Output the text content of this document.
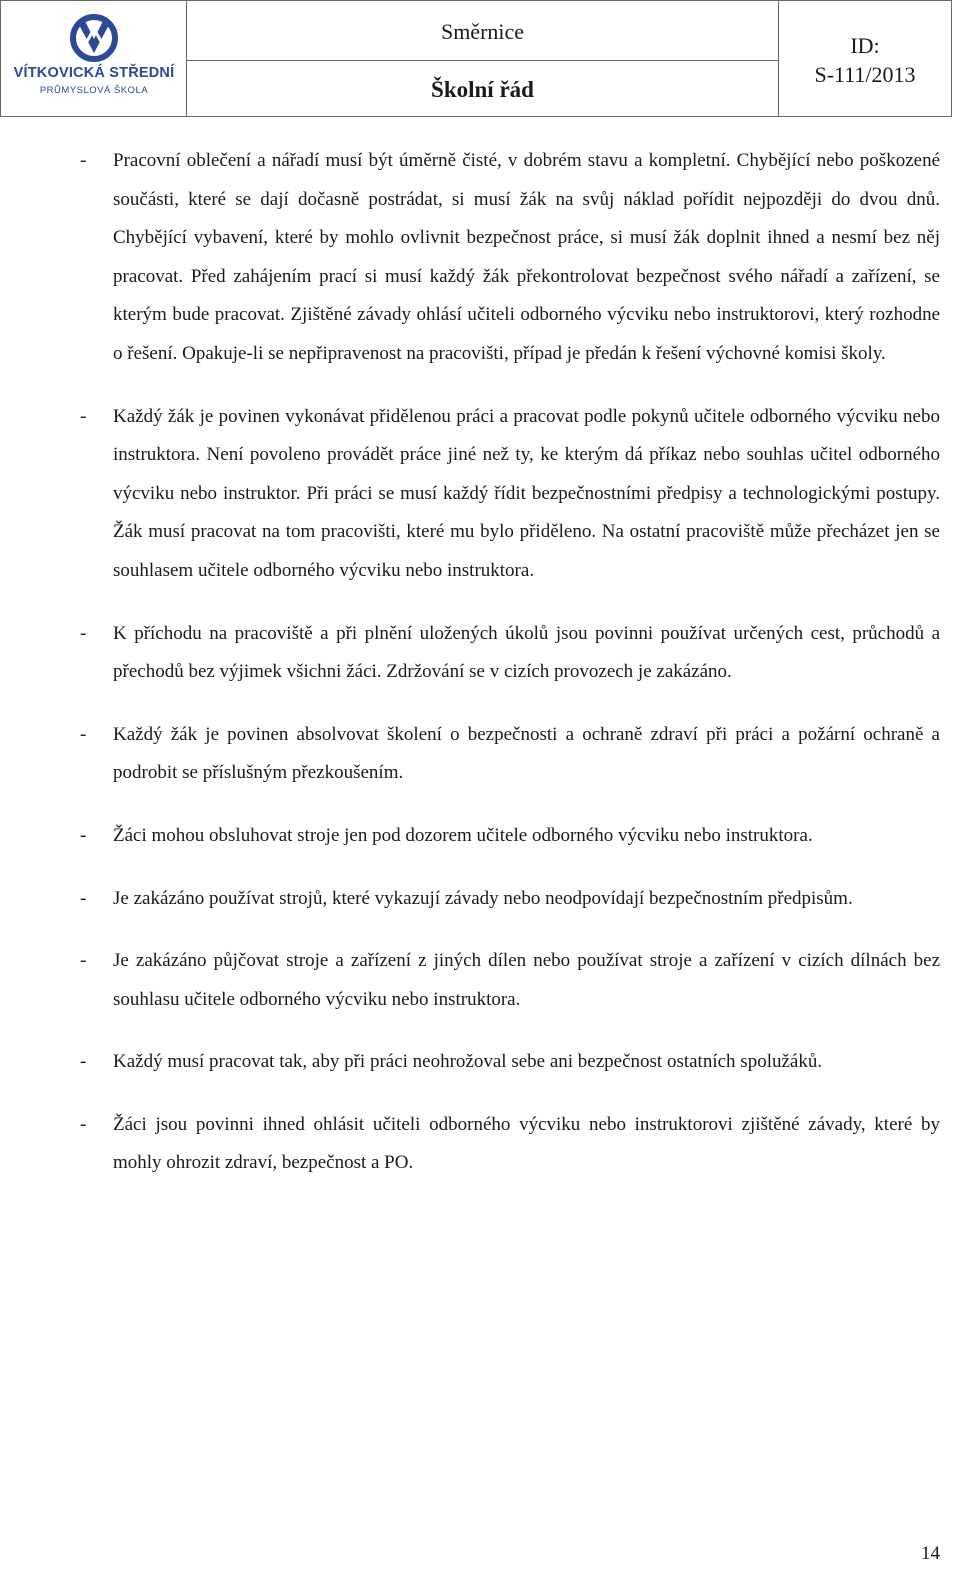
VÍTKOVICKÁ STŘEDNÍ
PRŮMYSLOVÁ ŠKOLA
Směrnice
Školní řád
ID:
S-111/2013
- Pracovní oblečení a nářadí musí být úměrně čisté, v dobrém stavu a kompletní. Chybějící nebo poškozené součásti, které se dají dočasně postrádat, si musí žák na svůj náklad pořídit nejpozději do dvou dnů. Chybějící vybavení, které by mohlo ovlivnit bezpečnost práce, si musí žák doplnit ihned a nesmí bez něj pracovat. Před zahájením prací si musí každý žák překontrolovat bezpečnost svého nářadí a zařízení, se kterým bude pracovat. Zjištěné závady ohlásí učiteli odborného výcviku nebo instruktorovi, který rozhodne o řešení. Opakuje-li se nepřipravenost na pracovišti, případ je předán k řešení výchovné komisi školy.
- Každý žák je povinen vykonávat přidělenou práci a pracovat podle pokynů učitele odborného výcviku nebo instruktora. Není povoleno provádět práce jiné než ty, ke kterým dá příkaz nebo souhlas učitel odborného výcviku nebo instruktor. Při práci se musí každý řídit bezpečnostními předpisy a technologickými postupy. Žák musí pracovat na tom pracovišti, které mu bylo přiděleno. Na ostatní pracoviště může přecházet jen se souhlasem učitele odborného výcviku nebo instruktora.
- K příchodu na pracoviště a při plnění uložených úkolů jsou povinni používat určených cest, průchodů a přechodů bez výjimek všichni žáci. Zdržování se v cizích provozech je zakázáno.
- Každý žák je povinen absolvovat školení o bezpečnosti a ochraně zdraví při práci a požární ochraně a podrobit se příslušným přezkoušením.
- Žáci mohou obsluhovat stroje jen pod dozorem učitele odborného výcviku nebo instruktora.
- Je zakázáno používat strojů, které vykazují závady nebo neodpovídají bezpečnostním předpisům.
- Je zakázáno půjčovat stroje a zařízení z jiných dílen nebo používat stroje a zařízení v cizích dílnách bez souhlasu učitele odborného výcviku nebo instruktora.
- Každý musí pracovat tak, aby při práci neohrožoval sebe ani bezpečnost ostatních spolužáků.
- Žáci jsou povinni ihned ohlásit učiteli odborného výcviku nebo instruktorovi zjištěné závady, které by mohly ohrozit zdraví, bezpečnost a PO.
14
